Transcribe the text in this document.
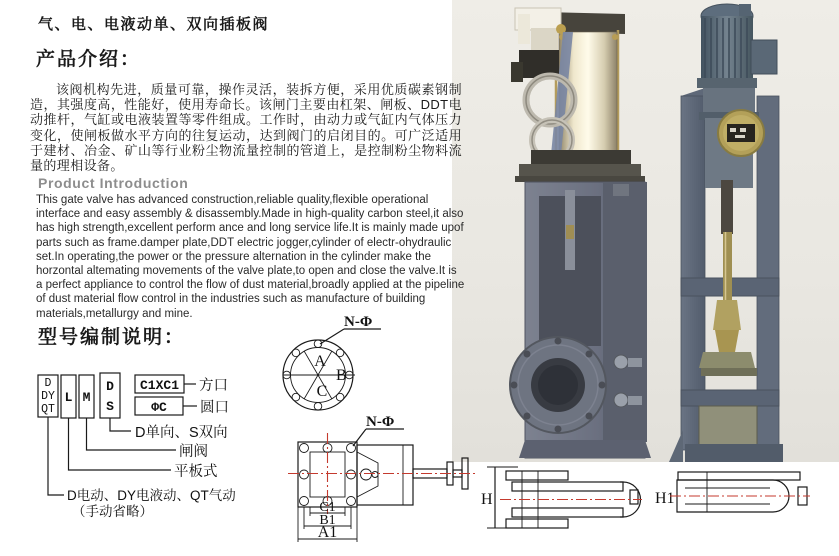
气、电、电液动单、双向插板阀
产品介绍：
该阀机构先进，质量可靠，操作灵活，装拆方便，采用优质碳素钢制造，其强度高，性能好，使用寿命长。该闸门主要由杠架、闸板、DDT电动推杆，气缸或电液装置等零件组成。工作时，由动力或气缸内气体压力变化，使闸板做水平方向的往复运动，达到阀门的启闭目的。可广泛适用于建材、冶金、矿山等行业粉尘物流量控制的管道上，是控制粉尘物料流量的理相设备。
Product Introduction
This gate valve has advanced construction,reliable quality,flexible operational interface and easy assembly & disassembly.Made in high-quality carbon steel,it also has high strength,excellent perform ance and long service life.It is mainly made upof parts such as frame.damper plate,DDT electric jogger,cylinder of electr-ohydraulic set.In operating,the power or the pressure alternation in the cylinder make the horzontal altemating movements of the valve plate,to open and close the valve.It is a perfect appliance to control the flow of dust material,broadly applied at the pipeline of dust material flow control in the industries such as manufacture of building materials,metallurgy and mine.
型号编制说明：
D
DY
QT
L M
D
S
C1XC1 方口
ΦC 圆口
D单向、S双向
闸阀
平板式
D电动、DY电液动、QT气动
（手动省略）
A
B
C
N-Φ
N-Φ
C1
B1
A1
H	H1
